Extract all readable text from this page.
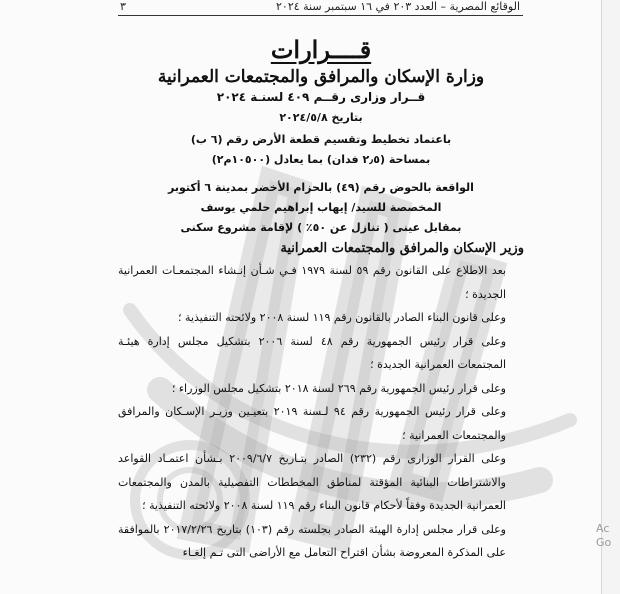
الوقائع المصرية – العدد ٢٠٣ في ١٦ سبتمبر سنة ٢٠٢٤
٣
قــــرارات
وزارة الإسكان والمرافق والمجتمعات العمرانية
قــرار وزارى رقــم ٤٠٩ لسنـة ٢٠٢٤
بتاريخ ٢٠٢٤/٥/٨
باعتماد تخطيط وتقسيم قطعة الأرض رقم (٦ ب)
بمساحة (٢٫٥ فدان) بما يعادل (١٠٥٠٠م٢)
الواقعة بالحوض رقم (٤٩) بالحزام الأخضر بمدينة ٦ أكتوبر
المخصصة للسيد/ إيهاب إبراهيم حلمي يوسف
بمقابل عينى ( تنازل عن ٥٠٪ ) لإقامة مشروع سكنى
وزير الإسكان والمرافق والمجتمعات العمرانية

بعد الاطلاع على القانون رقم ٥٩ لسنة ١٩٧٩ فـي شـأن إنـشاء المجتمعـات العمرانية الجديدة ؛

وعلى قانون البناء الصادر بالقانون رقم ١١٩ لسنة ٢٠٠٨ ولائحته التنفيذية ؛

وعلى قرار رئيس الجمهورية رقم ٤٨ لسنة ٢٠٠٦ بتشكيل مجلس إدارة هيئـة المجتمعات العمرانية الجديدة ؛

وعلى قرار رئيس الجمهورية رقم ٢٦٩ لسنة ٢٠١٨ بتشكيل مجلس الوزراء ؛

وعلى قرار رئيس الجمهورية رقم ٩٤ لـسنة ٢٠١٩ بتعيـين وزيـر الإسـكان والمرافق والمجتمعات العمرانية ؛

وعلى القرار الوزارى رقم (٢٣٢) الصادر بتـاريخ ٢٠٠٩/٦/٧ بـشأن اعتمـاد القواعد والاشتراطات البنائية المؤقتة لمناطق المخططات التفصيلية بالمدن والمجتمعات العمرانية الجديدة وفقاً لأحكام قانون البناء رقم ١١٩ لسنة ٢٠٠٨ ولائحته التنفيذية ؛

وعلى قرار مجلس إدارة الهيئة الصادر بجلسته رقم (١٠٣) بتاريخ ٢٠١٧/٢/٢٦ بالموافقة على المذكرة المعروضة بشأن اقتراح التعامل مع الأراضى التى تـم إلغـاء

Ac
Go
